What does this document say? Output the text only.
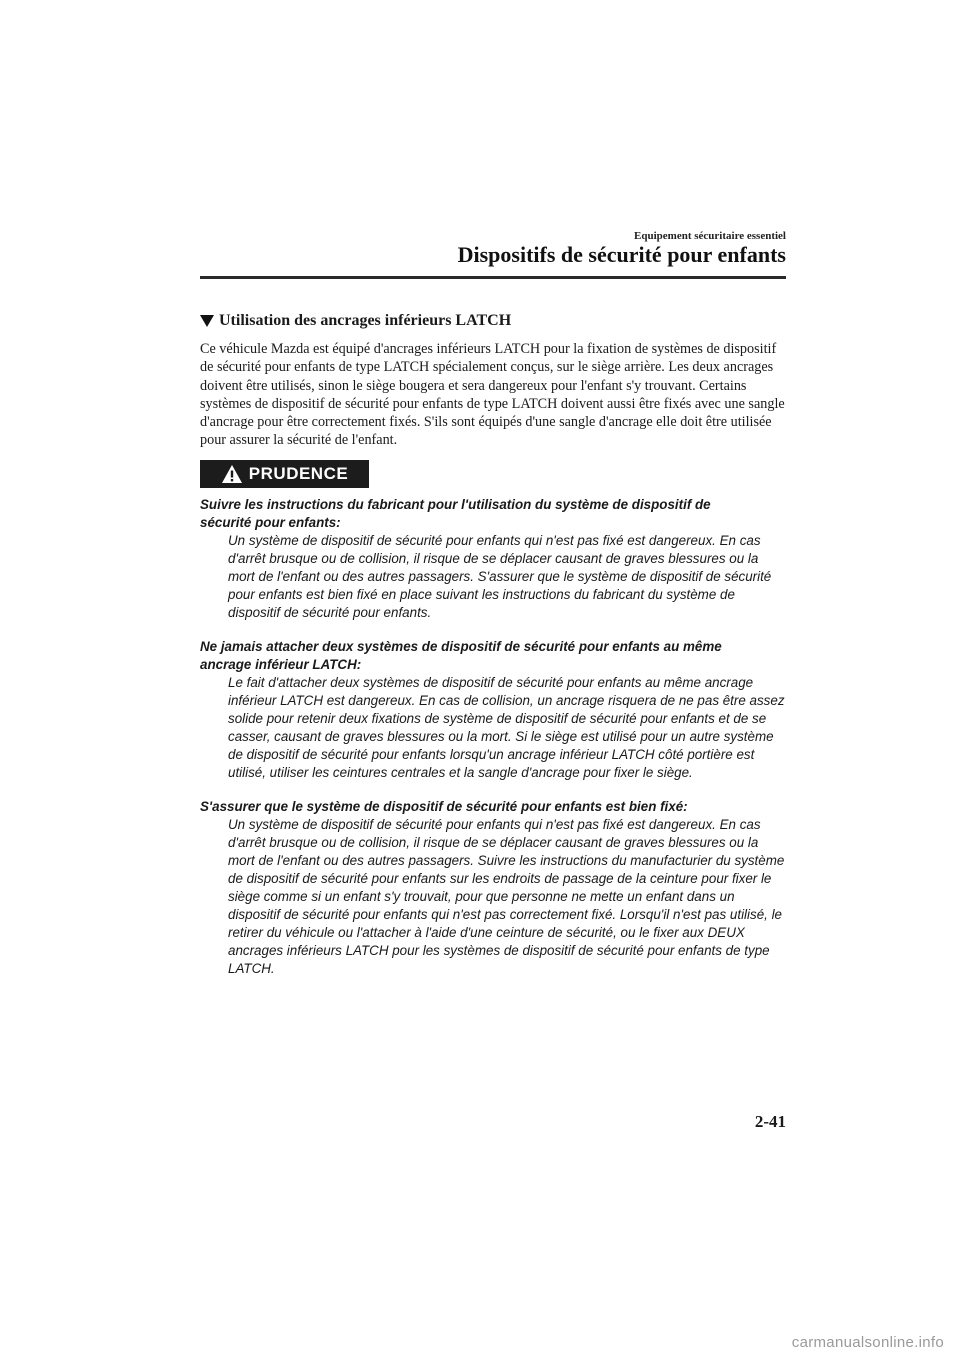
Equipement sécuritaire essentiel
Dispositifs de sécurité pour enfants
Utilisation des ancrages inférieurs LATCH

Ce véhicule Mazda est équipé d'ancrages inférieurs LATCH pour la fixation de systèmes de dispositif de sécurité pour enfants de type LATCH spécialement conçus, sur le siège arrière. Les deux ancrages doivent être utilisés, sinon le siège bougera et sera dangereux pour l'enfant s'y trouvant. Certains systèmes de dispositif de sécurité pour enfants de type LATCH doivent aussi être fixés avec une sangle d'ancrage pour être correctement fixés. S'ils sont équipés d'une sangle d'ancrage elle doit être utilisée pour assurer la sécurité de l'enfant.

PRUDENCE

Suivre les instructions du fabricant pour l'utilisation du système de dispositif de sécurité pour enfants:

Un système de dispositif de sécurité pour enfants qui n'est pas fixé est dangereux. En cas d'arrêt brusque ou de collision, il risque de se déplacer causant de graves blessures ou la mort de l'enfant ou des autres passagers. S'assurer que le système de dispositif de sécurité pour enfants est bien fixé en place suivant les instructions du fabricant du système de dispositif de sécurité pour enfants.

Ne jamais attacher deux systèmes de dispositif de sécurité pour enfants au même ancrage inférieur LATCH:

Le fait d'attacher deux systèmes de dispositif de sécurité pour enfants au même ancrage inférieur LATCH est dangereux. En cas de collision, un ancrage risquera de ne pas être assez solide pour retenir deux fixations de système de dispositif de sécurité pour enfants et de se casser, causant de graves blessures ou la mort. Si le siège est utilisé pour un autre système de dispositif de sécurité pour enfants lorsqu'un ancrage inférieur LATCH côté portière est utilisé, utiliser les ceintures centrales et la sangle d'ancrage pour fixer le siège.

S'assurer que le système de dispositif de sécurité pour enfants est bien fixé:

Un système de dispositif de sécurité pour enfants qui n'est pas fixé est dangereux. En cas d'arrêt brusque ou de collision, il risque de se déplacer causant de graves blessures ou la mort de l'enfant ou des autres passagers. Suivre les instructions du manufacturier du système de dispositif de sécurité pour enfants sur les endroits de passage de la ceinture pour fixer le siège comme si un enfant s'y trouvait, pour que personne ne mette un enfant dans un dispositif de sécurité pour enfants qui n'est pas correctement fixé. Lorsqu'il n'est pas utilisé, le retirer du véhicule ou l'attacher à l'aide d'une ceinture de sécurité, ou le fixer aux DEUX ancrages inférieurs LATCH pour les systèmes de dispositif de sécurité pour enfants de type LATCH.

2-41
carmanualsonline.info
